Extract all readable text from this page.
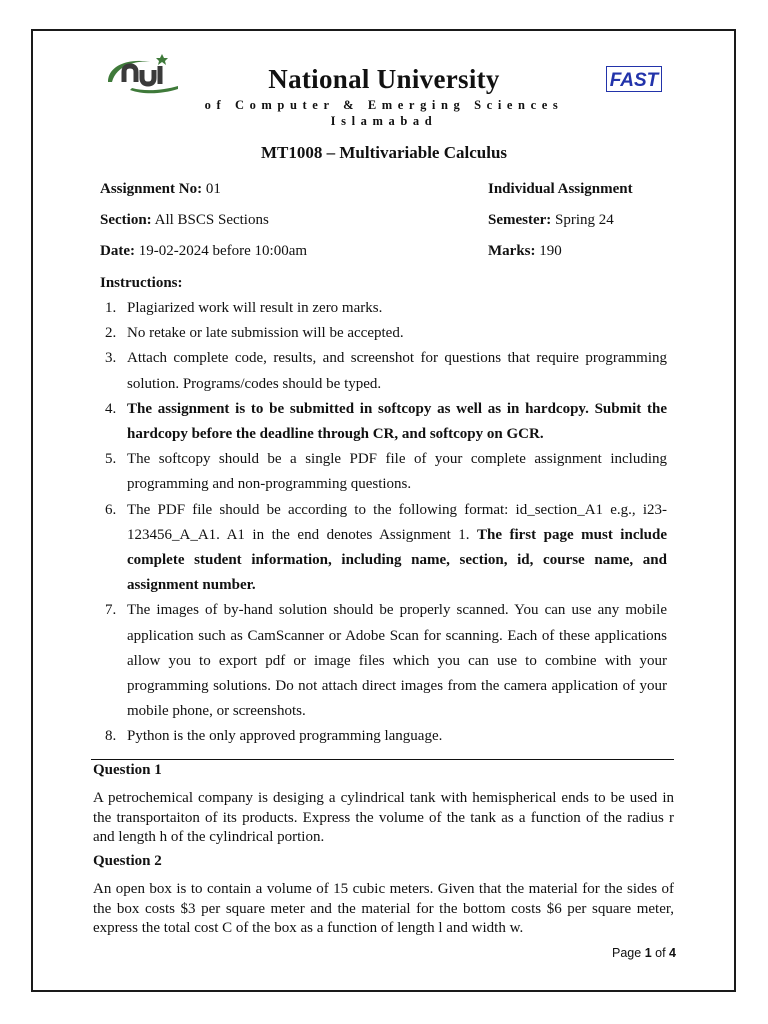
FAST
National University
of Computer & Emerging Sciences
Islamabad
MT1008 – Multivariable Calculus
Assignment No: 01	Individual Assignment
Section: All BSCS Sections	Semester: Spring 24
Date: 19-02-2024 before 10:00am	Marks: 190
Instructions:
1. Plagiarized work will result in zero marks.
2. No retake or late submission will be accepted.
3. Attach complete code, results, and screenshot for questions that require programming solution. Programs/codes should be typed.
4. The assignment is to be submitted in softcopy as well as in hardcopy. Submit the hardcopy before the deadline through CR, and softcopy on GCR.
5. The softcopy should be a single PDF file of your complete assignment including programming and non-programming questions.
6. The PDF file should be according to the following format: id_section_A1 e.g., i23-123456_A_A1. A1 in the end denotes Assignment 1. The first page must include complete student information, including name, section, id, course name, and assignment number.
7. The images of by-hand solution should be properly scanned. You can use any mobile application such as CamScanner or Adobe Scan for scanning. Each of these applications allow you to export pdf or image files which you can use to combine with your programming solutions. Do not attach direct images from the camera application of your mobile phone, or screenshots.
8. Python is the only approved programming language.
Question 1
A petrochemical company is desiging a cylindrical tank with hemispherical ends to be used in the transportaiton of its products. Express the volume of the tank as a function of the radius r and length h of the cylindrical portion.
Question 2
An open box is to contain a volume of 15 cubic meters. Given that the material for the sides of the box costs $3 per square meter and the material for the bottom costs $6 per square meter, express the total cost C of the box as a function of length l and width w.
Page 1 of 4
